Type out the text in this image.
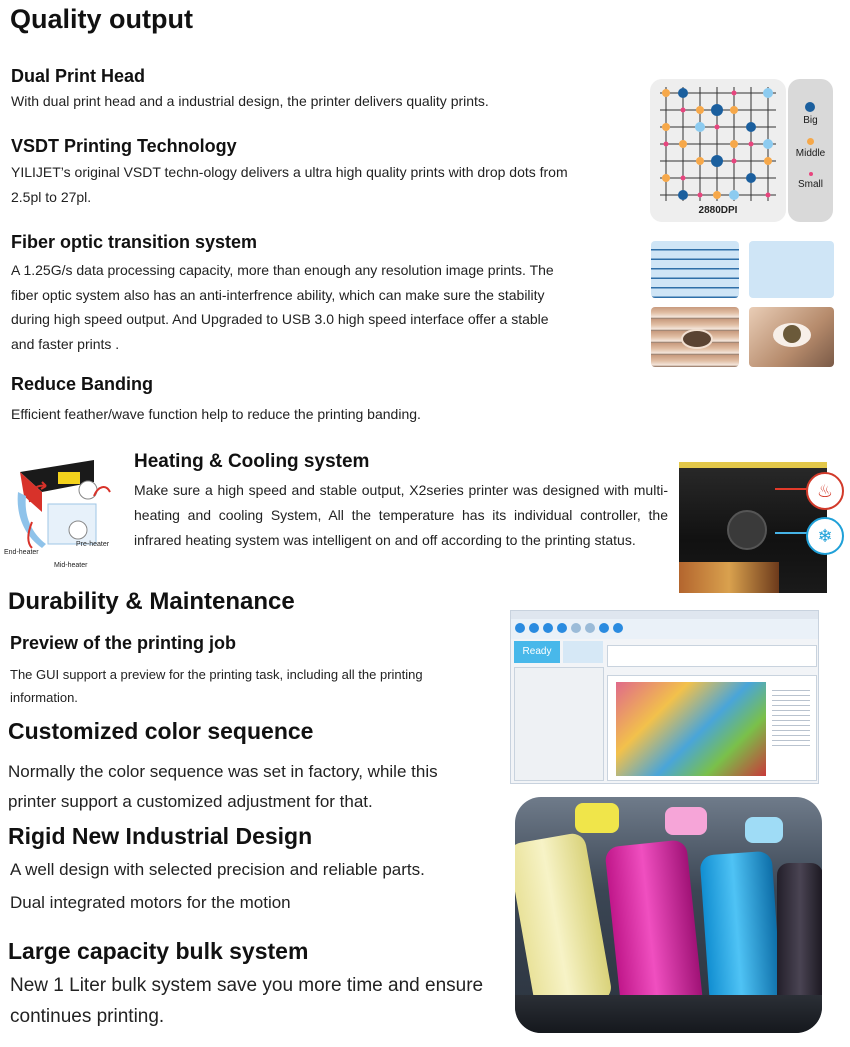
Quality output
Dual Print Head
With dual print head and a industrial design, the printer delivers quality prints.
VSDT Printing Technology
YILIJET’s original VSDT techn-ology delivers a ultra high quality prints with drop dots from 2.5pl to 27pl.
Fiber optic transition system
A 1.25G/s data processing capacity, more than enough any resolution image prints. The fiber optic system also has an anti-interfrence ability, which can make sure the stability during high speed output. And Upgraded to USB 3.0 high speed interface offer a stable and faster prints .
Reduce Banding
Efficient feather/wave function help to reduce the printing banding.
2880DPI
Big
Middle
Small
Pre-heater
End-heater
Mid-heater
Heating & Cooling system
Make sure a high speed and stable output, X2series printer was designed with multi-heating and cooling System, All the temperature has its individual controller, the infrared heating system was intelligent on and off according to the printing status.
♨
❄
Durability & Maintenance
Preview of the printing job
The GUI support a preview for the printing task, including all the printing information.
Customized color sequence
Normally the color sequence was set in factory, while this printer support a customized adjustment for that.
Rigid New Industrial Design
A well design with selected precision and reliable parts.
Dual integrated motors for the motion
Large capacity bulk system
New 1 Liter bulk system save you more time and ensure continues printing.
Ready
